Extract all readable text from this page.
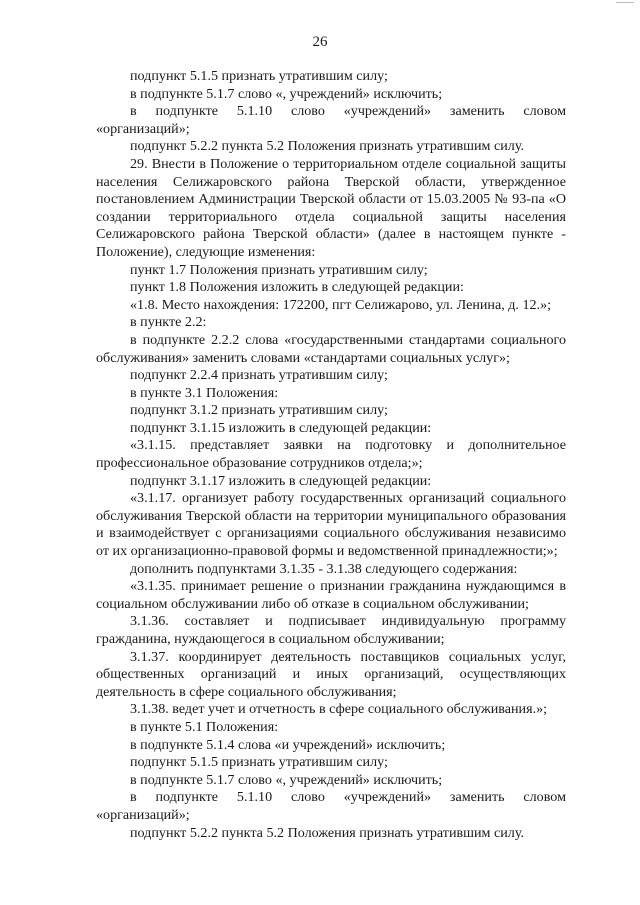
26

подпункт 5.1.5 признать утратившим силу;

в подпункте 5.1.7 слово «, учреждений» исключить;

в подпункте 5.1.10 слово «учреждений» заменить словом «организаций»;

подпункт 5.2.2 пункта 5.2 Положения признать утратившим силу.

29. Внести в Положение о территориальном отделе социальной защиты населения Селижаровского района Тверской области, утвержденное постановлением Администрации Тверской области от 15.03.2005 № 93-па «О создании территориального отдела социальной защиты населения Селижаровского района Тверской области» (далее в настоящем пункте - Положение), следующие изменения:

пункт 1.7 Положения признать утратившим силу;

пункт 1.8 Положения изложить в следующей редакции:

«1.8. Место нахождения: 172200, пгт Селижарово, ул. Ленина, д. 12.»;

в пункте 2.2:

в подпункте 2.2.2 слова «государственными стандартами социального обслуживания» заменить словами «стандартами социальных услуг»;

подпункт 2.2.4 признать утратившим силу;

в пункте 3.1 Положения:

подпункт 3.1.2 признать утратившим силу;

подпункт 3.1.15 изложить в следующей редакции:

«3.1.15. представляет заявки на подготовку и дополнительное профессиональное образование сотрудников отдела;»;

подпункт 3.1.17 изложить в следующей редакции:

«3.1.17. организует работу государственных организаций социального обслуживания Тверской области на территории муниципального образования и взаимодействует с организациями социального обслуживания независимо от их организационно-правовой формы и ведомственной принадлежности;»;

дополнить подпунктами 3.1.35 - 3.1.38 следующего содержания:

«3.1.35. принимает решение о признании гражданина нуждающимся в социальном обслуживании либо об отказе в социальном обслуживании;

3.1.36. составляет и подписывает индивидуальную программу гражданина, нуждающегося в социальном обслуживании;

3.1.37. координирует деятельность поставщиков социальных услуг, общественных организаций и иных организаций, осуществляющих деятельность в сфере социального обслуживания;

3.1.38. ведет учет и отчетность в сфере социального обслуживания.»;

в пункте 5.1 Положения:

в подпункте 5.1.4 слова «и учреждений» исключить;

подпункт 5.1.5 признать утратившим силу;

в подпункте 5.1.7 слово «, учреждений» исключить;

в подпункте 5.1.10 слово «учреждений» заменить словом «организаций»;

подпункт 5.2.2 пункта 5.2 Положения признать утратившим силу.
